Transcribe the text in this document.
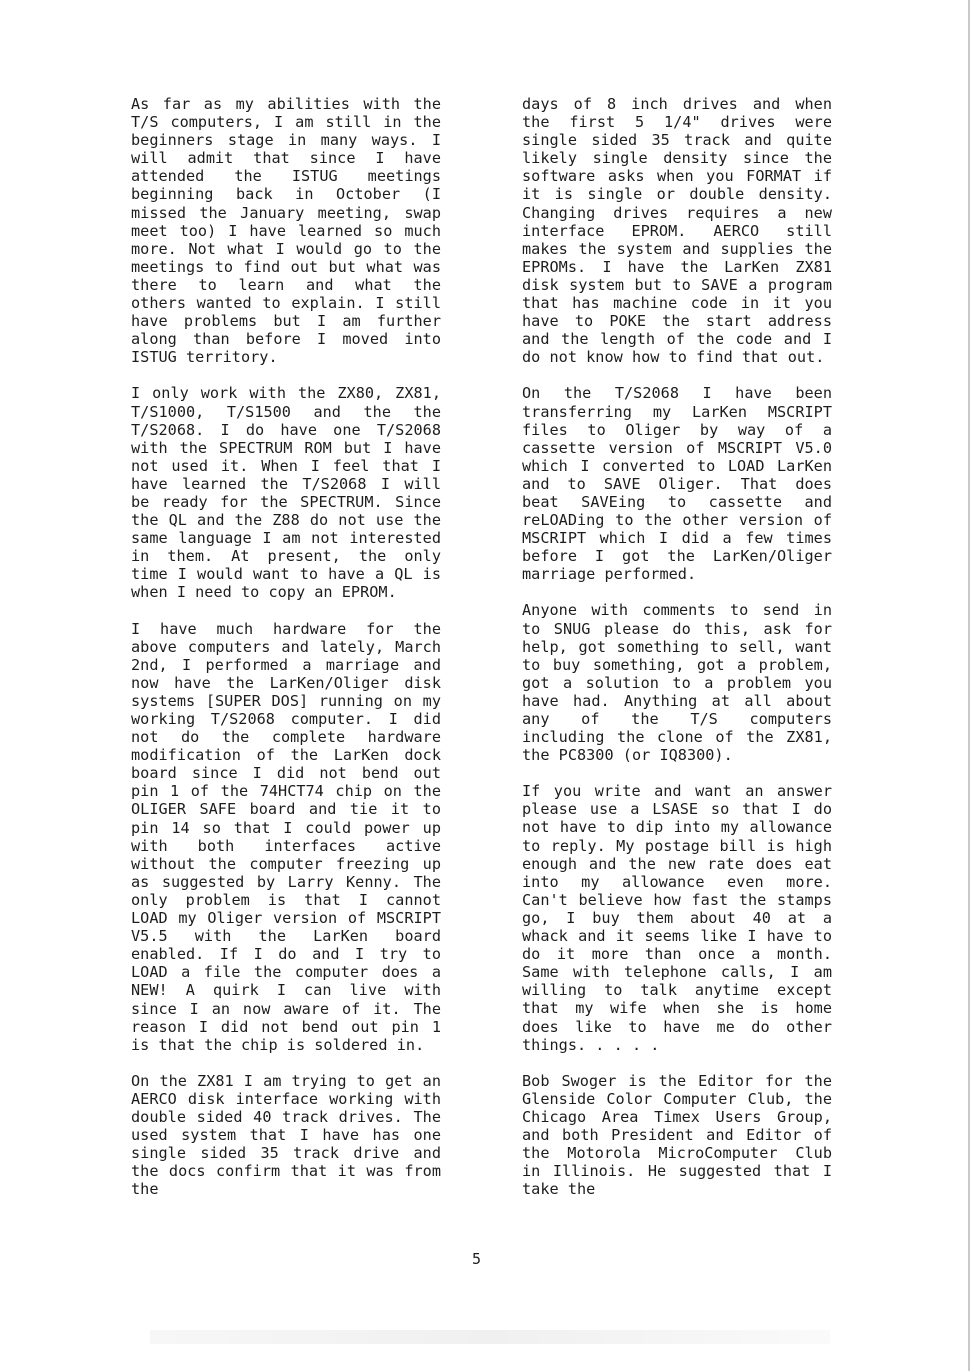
As far as my abilities with the T/S computers, I am still in the beginners stage in many ways. I will admit that since I have attended the ISTUG meetings beginning back in October (I missed the January meeting, swap meet too) I have learned so much more. Not what I would go to the meetings to find out but what was there to learn and what the others wanted to explain. I still have problems but I am further along than before I moved into ISTUG territory.

I only work with the ZX80, ZX81, T/S1000, T/S1500 and the the T/S2068. I do have one T/S2068 with the SPECTRUM ROM but I have not used it. When I feel that I have learned the T/S2068 I will be ready for the SPECTRUM. Since the QL and the Z88 do not use the same language I am not interested in them. At present, the only time I would want to have a QL is when I need to copy an EPROM.

I have much hardware for the above computers and lately, March 2nd, I performed a marriage and now have the LarKen/Oliger disk systems [SUPER DOS] running on my working T/S2068 computer. I did not do the complete hardware modification of the LarKen dock board since I did not bend out pin 1 of the 74HCT74 chip on the OLIGER SAFE board and tie it to pin 14 so that I could power up with both interfaces active without the computer freezing up as suggested by Larry Kenny. The only problem is that I cannot LOAD my Oliger version of MSCRIPT V5.5 with the LarKen board enabled. If I do and I try to LOAD a file the computer does a NEW! A quirk I can live with since I an now aware of it. The reason I did not bend out pin 1 is that the chip is soldered in.

On the ZX81 I am trying to get an AERCO disk interface working with double sided 40 track drives. The used system that I have has one single sided 35 track drive and the docs confirm that it was from the

days of 8 inch drives and when the first 5 1/4" drives were single sided 35 track and quite likely single density since the software asks when you FORMAT if it is single or double density. Changing drives requires a new interface EPROM. AERCO still makes the system and supplies the EPROMs. I have the LarKen ZX81 disk system but to SAVE a program that has machine code in it you have to POKE the start address and the length of the code and I do not know how to find that out.

On the T/S2068 I have been transferring my LarKen MSCRIPT files to Oliger by way of a cassette version of MSCRIPT V5.0 which I converted to LOAD LarKen and to SAVE Oliger. That does beat SAVEing to cassette and reLOADing to the other version of MSCRIPT which I did a few times before I got the LarKen/Oliger marriage performed.

Anyone with comments to send in to SNUG please do this, ask for help, got something to sell, want to buy something, got a problem, got a solution to a problem you have had. Anything at all about any of the T/S computers including the clone of the ZX81, the PC8300 (or IQ8300).

If you write and want an answer please use a LSASE so that I do not have to dip into my allowance to reply. My postage bill is high enough and the new rate does eat into my allowance even more. Can't believe how fast the stamps go, I buy them about 40 at a whack and it seems like I have to do it more than once a month. Same with telephone calls, I am willing to talk anytime except that my wife when she is home does like to have me do other things. . . . .

Bob Swoger is the Editor for the Glenside Color Computer Club, the Chicago Area Timex Users Group, and both President and Editor of the Motorola MicroComputer Club in Illinois. He suggested that I take the

5
